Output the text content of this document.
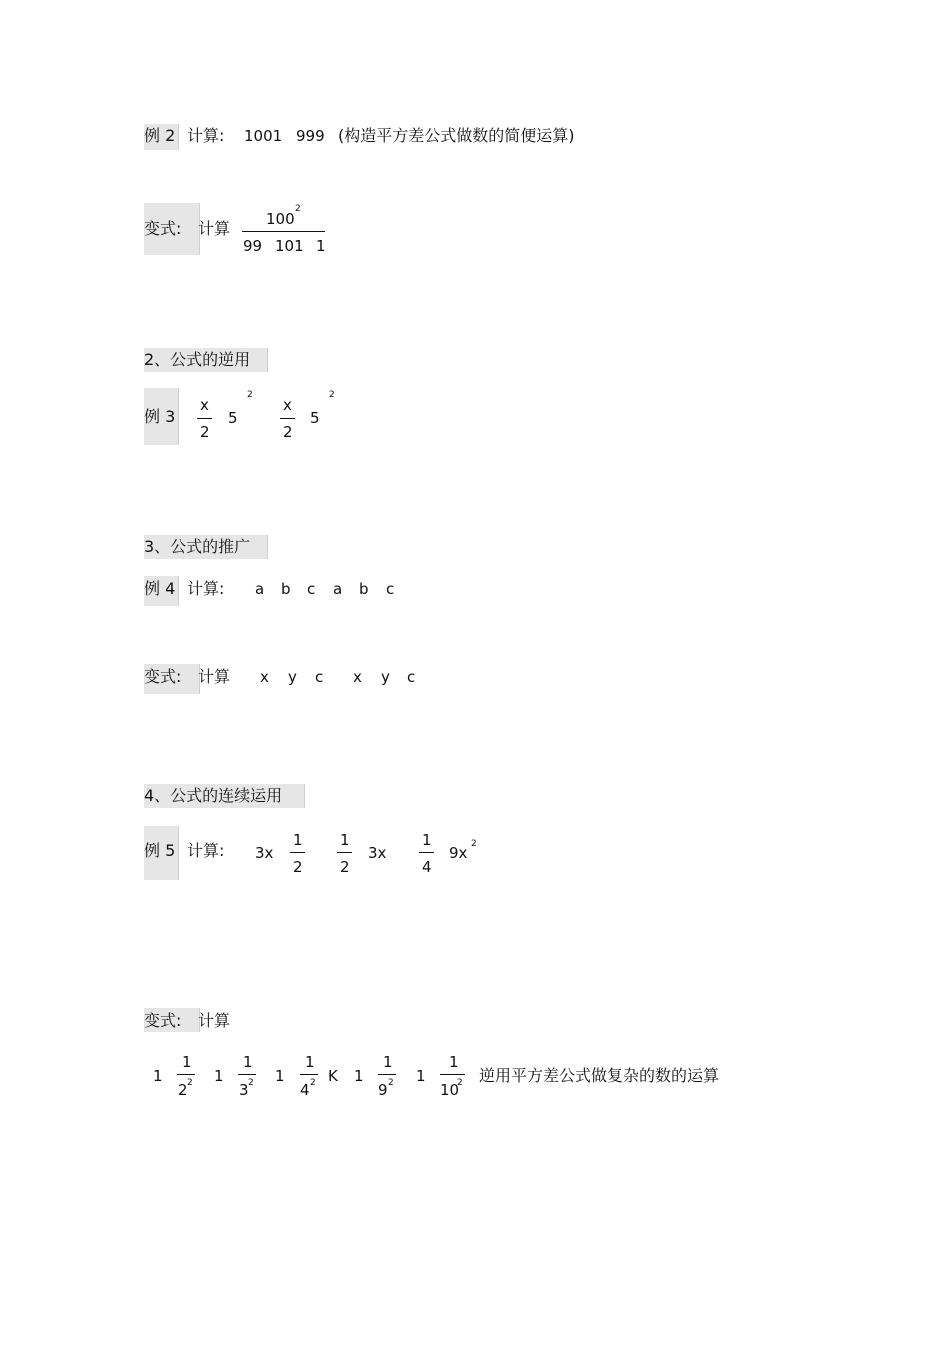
例 2 计算: 1001 999 (构造平方差公式做数的简便运算)
变式: 计算 100
2
99 101 1
2、公式的逆用
例 3
x
2
5
2
x
2
5
2
3、公式的推广
例 4 计算: a b c a b c
变式: 计算 x y c x y c
4、公式的连续运用
例 5 计算: 3x
1
2
1
2
3x
1
4
9x 2
变式: 计算
1
1
2 2 1
1
3 2 1
1
4 2 K 1
1
9 2 1
1
10
2 逆用平方差公式做复杂的数的运算
